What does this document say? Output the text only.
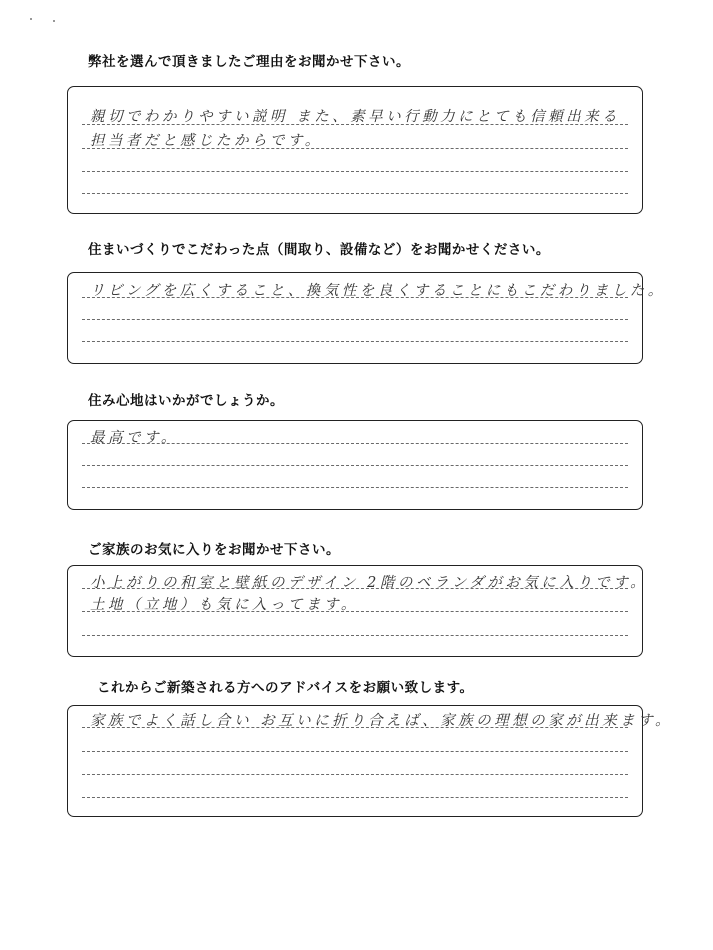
弊社を選んで頂きましたご理由をお聞かせ下さい。
親切でわかりやすい説明 また、素早い行動力にとても信頼出来る
担当者だと感じたからです。
住まいづくりでこだわった点（間取り、設備など）をお聞かせください。
リビングを広くすること、換気性を良くすることにもこだわりました。
住み心地はいかがでしょうか。
最高です。
ご家族のお気に入りをお聞かせ下さい。
小上がりの和室と壁紙のデザイン 2階のベランダがお気に入りです。
土地（立地）も気に入ってます。
これからご新築される方へのアドバイスをお願い致します。
家族でよく話し合い お互いに折り合えば、家族の理想の家が出来ます。
